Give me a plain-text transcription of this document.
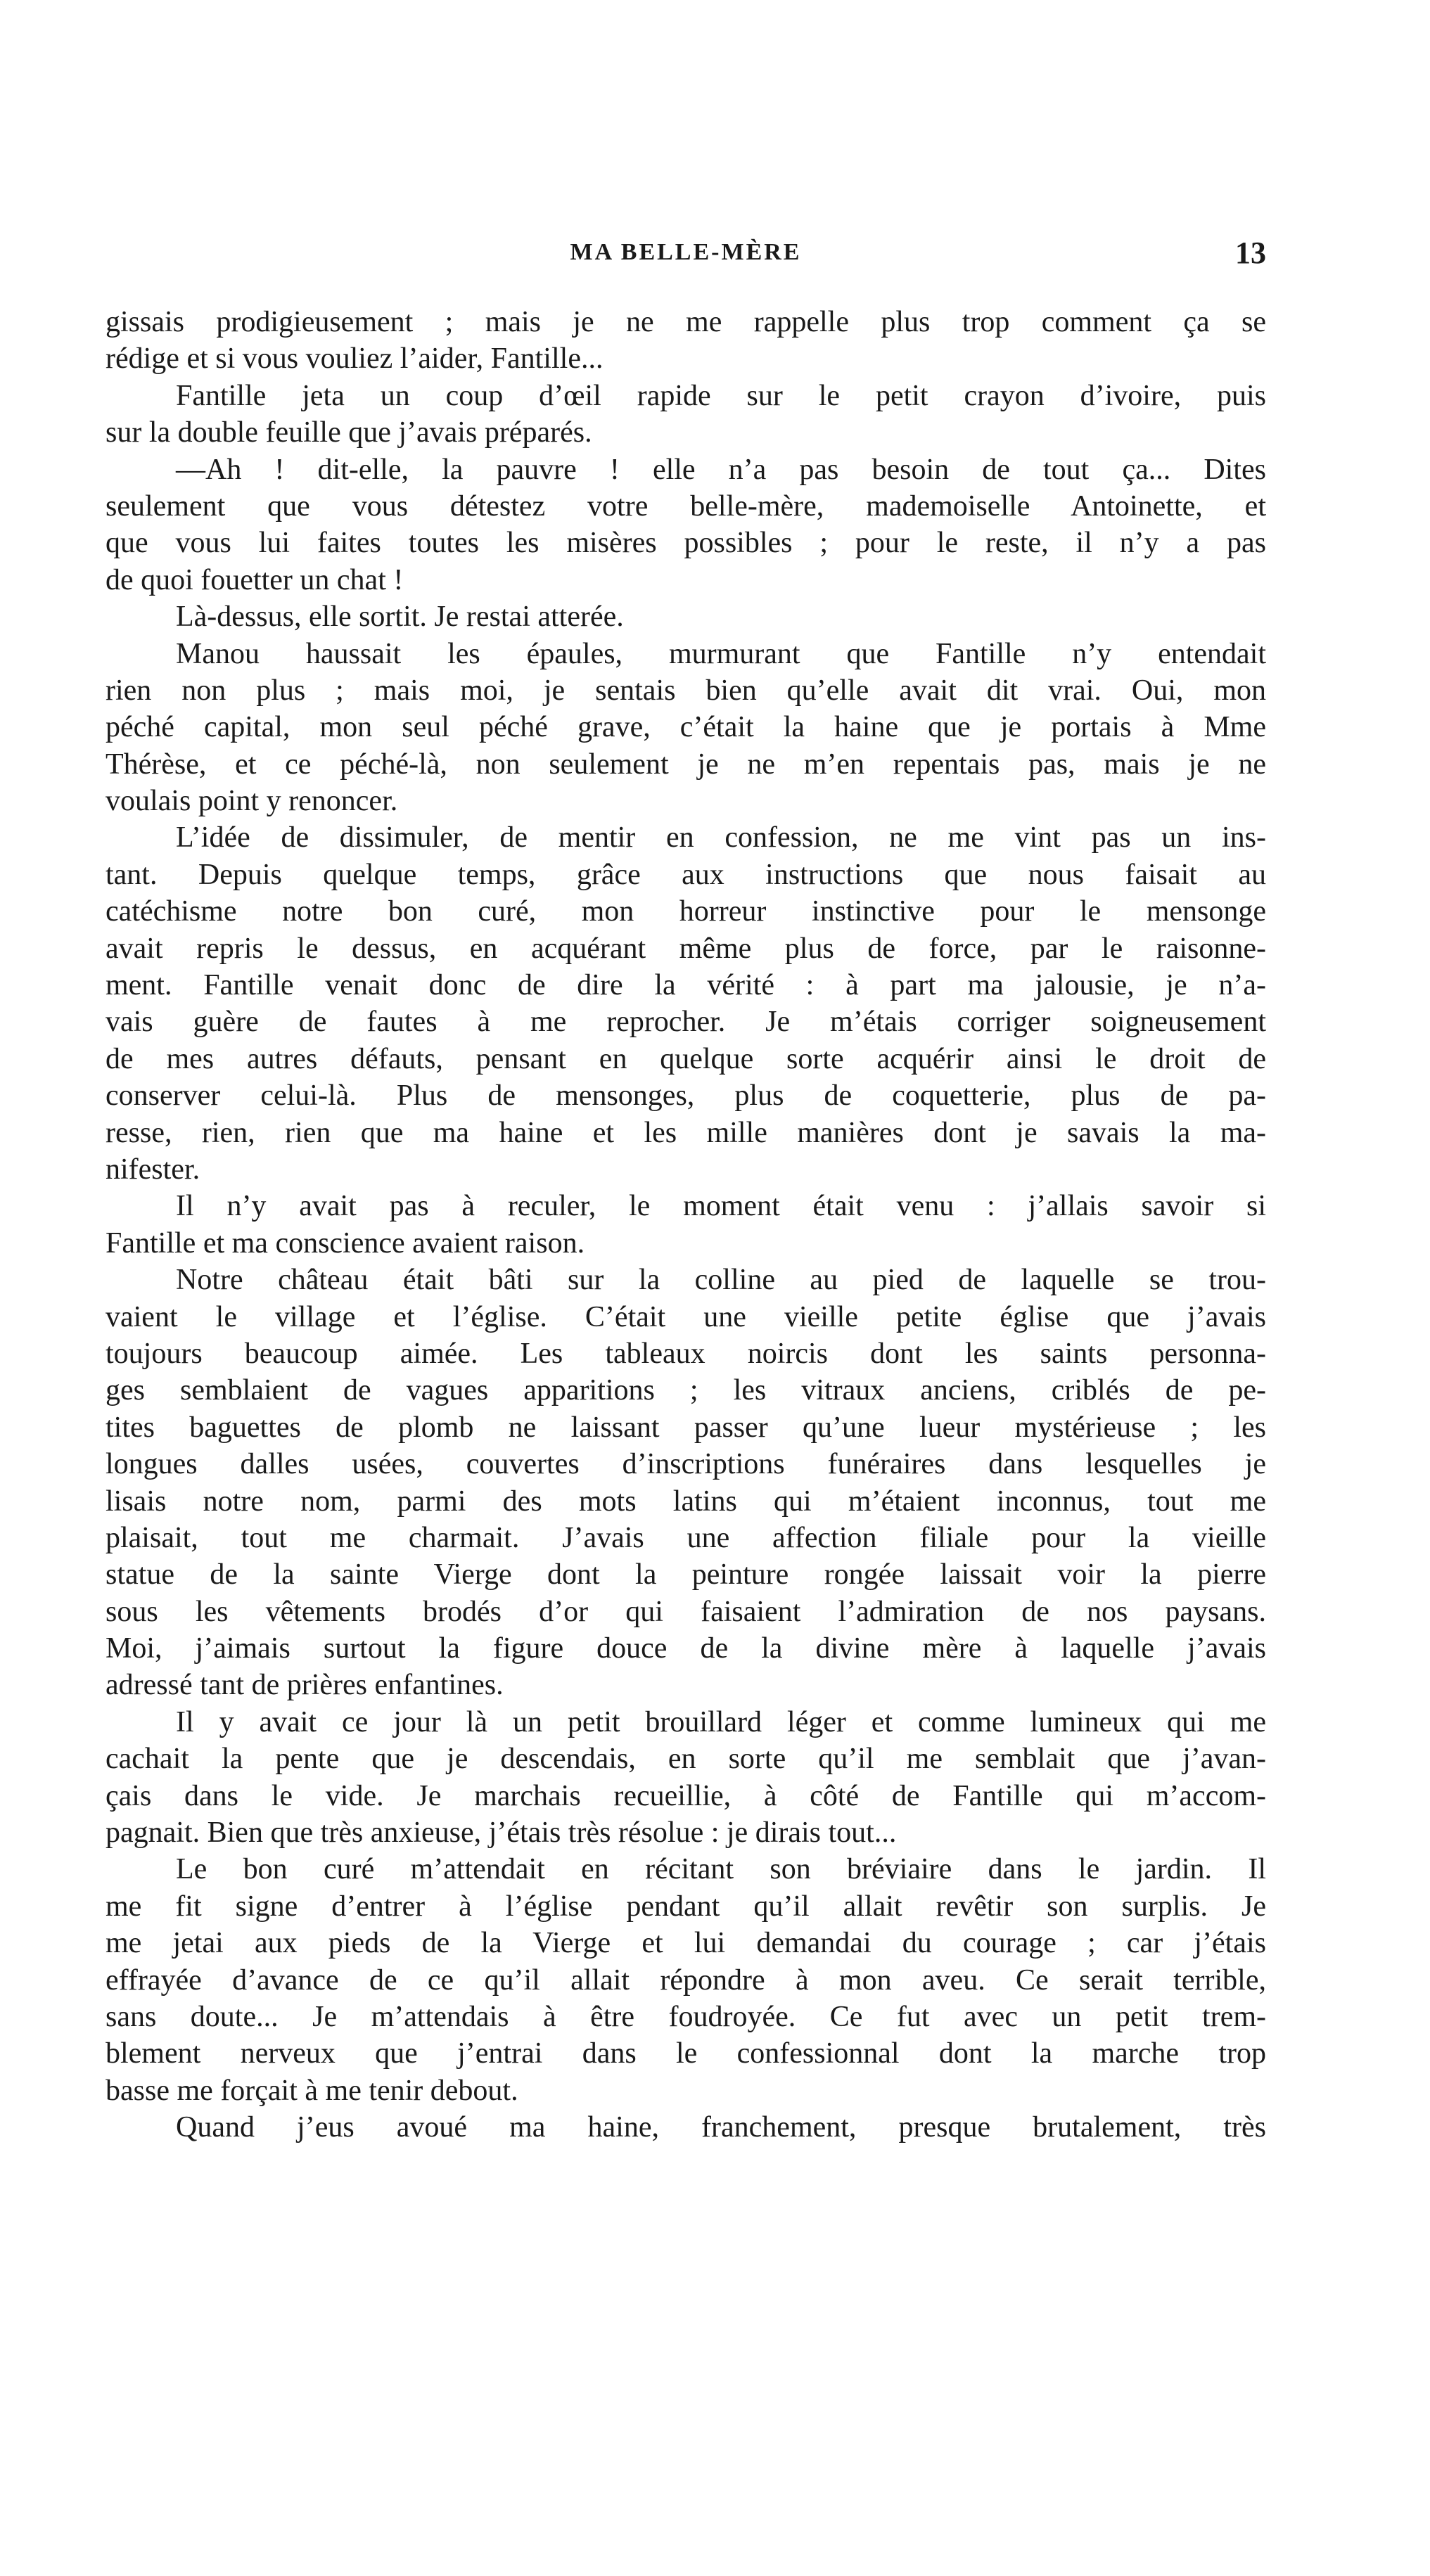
MA BELLE-MÈRE	13
gissais prodigieusement ; mais je ne me rappelle plus trop comment ça se
rédige et si vous vouliez l’aider, Fantille...
Fantille jeta un coup d’œil rapide sur le petit crayon d’ivoire, puis
sur la double feuille que j’avais préparés.
—Ah ! dit-elle, la pauvre ! elle n’a pas besoin de tout ça... Dites
seulement que vous détestez votre belle-mère, mademoiselle Antoinette, et
que vous lui faites toutes les misères possibles ; pour le reste, il n’y a pas
de quoi fouetter un chat !
Là-dessus, elle sortit. Je restai atterée.
Manou haussait les épaules, murmurant que Fantille n’y entendait
rien non plus ; mais moi, je sentais bien qu’elle avait dit vrai. Oui, mon
péché capital, mon seul péché grave, c’était la haine que je portais à Mme
Thérèse, et ce péché-là, non seulement je ne m’en repentais pas, mais je ne
voulais point y renoncer.
L’idée de dissimuler, de mentir en confession, ne me vint pas un ins-
tant. Depuis quelque temps, grâce aux instructions que nous faisait au
catéchisme notre bon curé, mon horreur instinctive pour le mensonge
avait repris le dessus, en acquérant même plus de force, par le raisonne-
ment. Fantille venait donc de dire la vérité : à part ma jalousie, je n’a-
vais guère de fautes à me reprocher. Je m’étais corriger soigneusement
de mes autres défauts, pensant en quelque sorte acquérir ainsi le droit de
conserver celui-là. Plus de mensonges, plus de coquetterie, plus de pa-
resse, rien, rien que ma haine et les mille manières dont je savais la ma-
nifester.
Il n’y avait pas à reculer, le moment était venu : j’allais savoir si
Fantille et ma conscience avaient raison.
Notre château était bâti sur la colline au pied de laquelle se trou-
vaient le village et l’église. C’était une vieille petite église que j’avais
toujours beaucoup aimée. Les tableaux noircis dont les saints personna-
ges semblaient de vagues apparitions ; les vitraux anciens, criblés de pe-
tites baguettes de plomb ne laissant passer qu’une lueur mystérieuse ; les
longues dalles usées, couvertes d’inscriptions funéraires dans lesquelles je
lisais notre nom, parmi des mots latins qui m’étaient inconnus, tout me
plaisait, tout me charmait. J’avais une affection filiale pour la vieille
statue de la sainte Vierge dont la peinture rongée laissait voir la pierre
sous les vêtements brodés d’or qui faisaient l’admiration de nos paysans.
Moi, j’aimais surtout la figure douce de la divine mère à laquelle j’avais
adressé tant de prières enfantines.
Il y avait ce jour là un petit brouillard léger et comme lumineux qui me
cachait la pente que je descendais, en sorte qu’il me semblait que j’avan-
çais dans le vide. Je marchais recueillie, à côté de Fantille qui m’accom-
pagnait. Bien que très anxieuse, j’étais très résolue : je dirais tout...
Le bon curé m’attendait en récitant son bréviaire dans le jardin. Il
me fit signe d’entrer à l’église pendant qu’il allait revêtir son surplis. Je
me jetai aux pieds de la Vierge et lui demandai du courage ; car j’étais
effrayée d’avance de ce qu’il allait répondre à mon aveu. Ce serait terrible,
sans doute... Je m’attendais à être foudroyée. Ce fut avec un petit trem-
blement nerveux que j’entrai dans le confessionnal dont la marche trop
basse me forçait à me tenir debout.
Quand j’eus avoué ma haine, franchement, presque brutalement, très
